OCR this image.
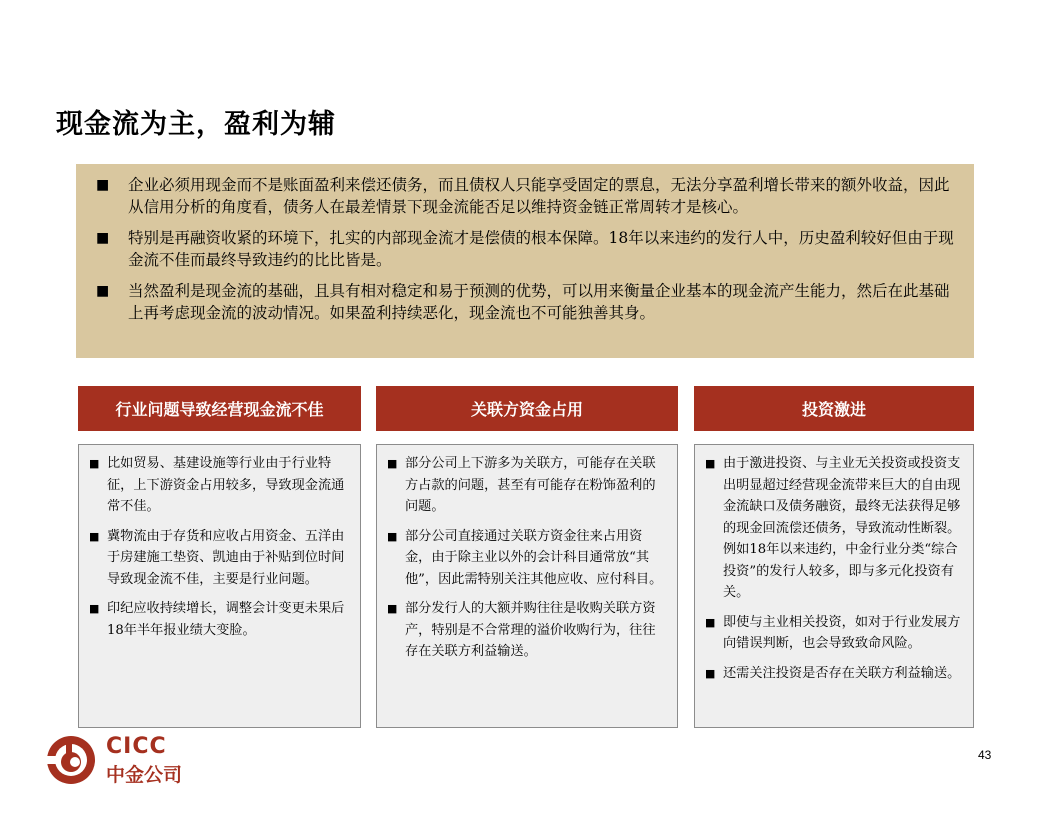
现金流为主，盈利为辅
■ 企业必须用现金而不是账面盈利来偿还债务，而且债权人只能享受固定的票息，无法分享盈利增长带来的额外收益，因此从信用分析的角度看，债务人在最差情景下现金流能否足以维持资金链正常周转才是核心。
■ 特别是再融资收紧的环境下，扎实的内部现金流才是偿债的根本保障。18年以来违约的发行人中，历史盈利较好但由于现金流不佳而最终导致违约的比比皆是。
■ 当然盈利是现金流的基础，且具有相对稳定和易于预测的优势，可以用来衡量企业基本的现金流产生能力，然后在此基础上再考虑现金流的波动情况。如果盈利持续恶化，现金流也不可能独善其身。
行业问题导致经营现金流不佳
■ 比如贸易、基建设施等行业由于行业特征，上下游资金占用较多，导致现金流通常不佳。
■ 冀物流由于存货和应收占用资金、五洋由于房建施工垫资、凯迪由于补贴到位时间导致现金流不佳，主要是行业问题。
■ 印纪应收持续增长，调整会计变更未果后18年半年报业绩大变脸。
关联方资金占用
■ 部分公司上下游多为关联方，可能存在关联方占款的问题，甚至有可能存在粉饰盈利的问题。
■ 部分公司直接通过关联方资金往来占用资金，由于除主业以外的会计科目通常放“其他”，因此需特别关注其他应收、应付科目。
■ 部分发行人的大额并购往往是收购关联方资产，特别是不合常理的溢价收购行为，往往存在关联方利益输送。
投资激进
■ 由于激进投资、与主业无关投资或投资支出明显超过经营现金流带来巨大的自由现金流缺口及债务融资，最终无法获得足够的现金回流偿还债务，导致流动性断裂。例如18年以来违约，中金行业分类“综合投资”的发行人较多，即与多元化投资有关。
■ 即使与主业相关投资，如对于行业发展方向错误判断，也会导致致命风险。
■ 还需关注投资是否存在关联方利益输送。
CICC
中金公司
43
